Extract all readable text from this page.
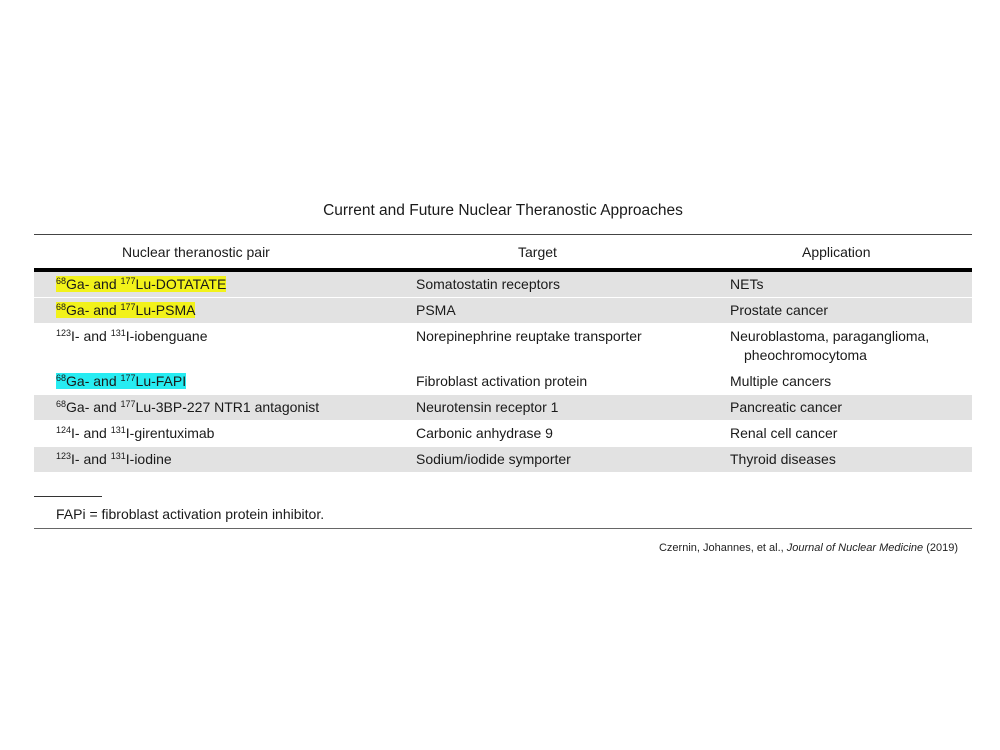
Current and Future Nuclear Theranostic Approaches
Nuclear theranostic pair	Target	Application
$^{68}$Ga- and $^{177}$Lu-DOTATATE	Somatostatin receptors	NETs
$^{68}$Ga- and $^{177}$Lu-PSMA	PSMA	Prostate cancer
$^{123}$I- and $^{131}$I-iobenguane	Norepinephrine reuptake transporter	Neuroblastoma, paraganglioma,
pheochromocytoma
$^{68}$Ga- and $^{177}$Lu-FAPI	Fibroblast activation protein	Multiple cancers
$^{68}$Ga- and $^{177}$Lu-3BP-227 NTR1 antagonist	Neurotensin receptor 1	Pancreatic cancer
$^{124}$I- and $^{131}$I-girentuximab	Carbonic anhydrase 9	Renal cell cancer
$^{123}$I- and $^{131}$I-iodine	Sodium/iodide symporter	Thyroid diseases
FAPi = fibroblast activation protein inhibitor.
Czernin, Johannes, et al., Journal of Nuclear Medicine (2019)
